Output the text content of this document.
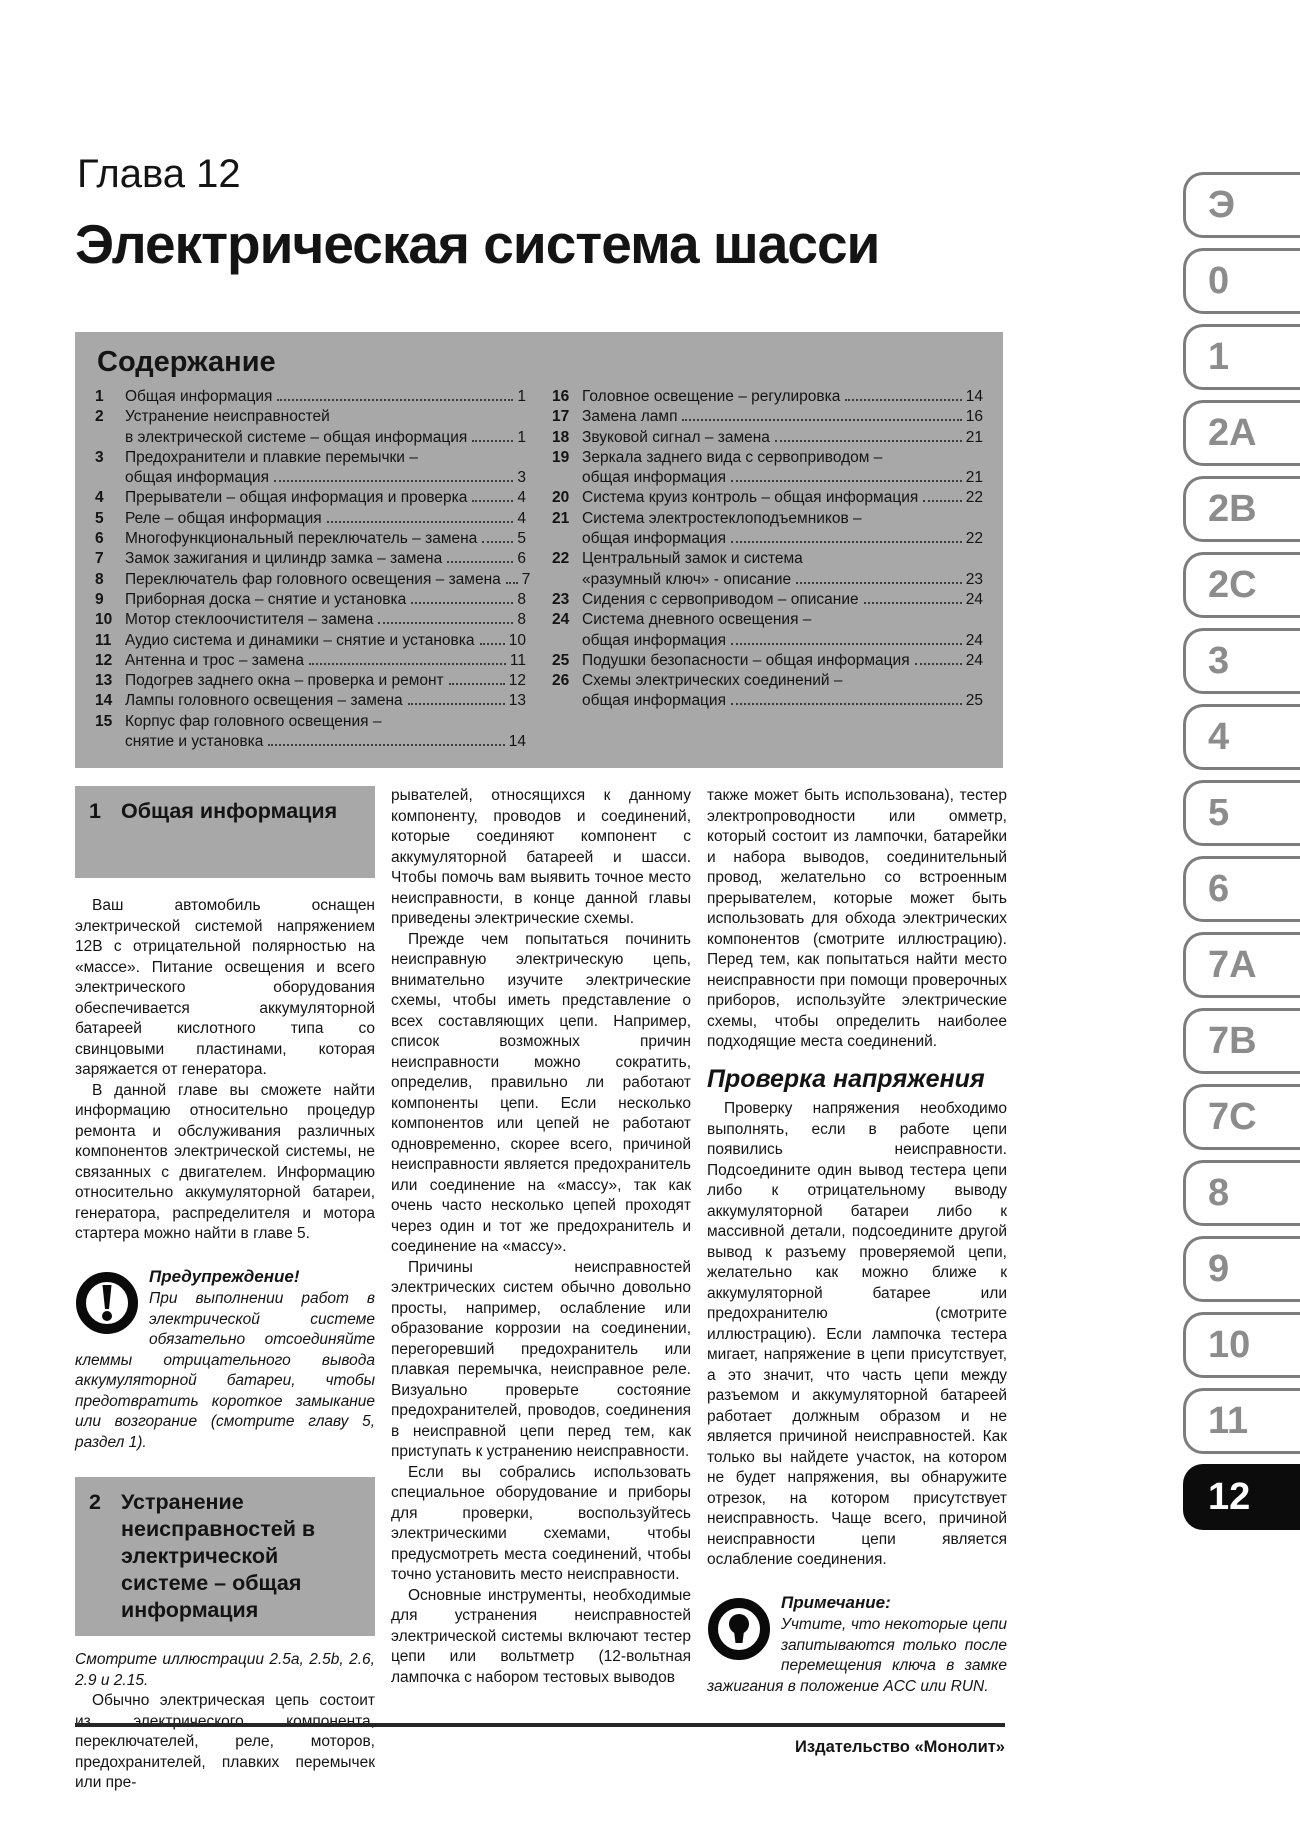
Глава 12
Электрическая система шасси
Содержание
1	Общая информация	1
2	Устранение неисправностей
в электрической системе – общая информация	1
3	Предохранители и плавкие перемычки –
общая информация	3
4	Прерыватели – общая информация и проверка	4
5	Реле – общая информация	4
6	Многофункциональный переключатель – замена	5
7	Замок зажигания и цилиндр замка – замена	6
8	Переключатель фар головного освещения – замена 7
9	Приборная доска – снятие и установка	8
10 Мотор стеклоочистителя – замена	8
11 Аудио система и динамики – снятие и установка 10
12 Антенна и трос – замена	11
13 Подогрев заднего окна – проверка и ремонт	12
14 Лампы головного освещения – замена	13
15 Корпус фар головного освещения –
снятие и установка	14
16 Головное освещение – регулировка	14
17 Замена ламп	16
18 Звуковой сигнал – замена	21
19 Зеркала заднего вида с сервоприводом –
общая информация	21
20 Система круиз контроль – общая информация	22
21 Система электростеклоподъемников –
общая информация	22
22 Центральный замок и система
«разумный ключ» - описание	23
23 Сидения с сервоприводом – описание	24
24 Система дневного освещения –
общая информация	24
25 Подушки безопасности – общая информация	24
26 Схемы электрических соединений –
общая информация	25
1 Общая информация

Ваш автомобиль оснащен электрической системой напряжением 12В с отрицательной полярностью на «массе». Питание освещения и всего электрического оборудования обеспечивается аккумуляторной батареей кислотного типа со свинцовыми пластинами, которая заряжается от генератора.

В данной главе вы сможете найти информацию относительно процедур ремонта и обслуживания различных компонентов электрической системы, не связанных с двигателем. Информацию относительно аккумуляторной батареи, генератора, распределителя и мотора стартера можно найти в главе 5.

Предупреждение!

При выполнении работ в электрической системе обязательно отсоединяйте клеммы отрицательного вывода аккумуляторной батареи, чтобы предотвратить короткое замыкание или возгорание (смотрите главу 5, раздел 1).

2 Устранение неисправностей в электрической системе – общая информация

Смотрите иллюстрации 2.5a, 2.5b, 2.6, 2.9 и 2.15.

Обычно электрическая цепь состоит из электрического компонента, переключателей, реле, моторов, предохранителей, плавких перемычек или пре-

рывателей, относящихся к данному компоненту, проводов и соединений, которые соединяют компонент с аккумуляторной батареей и шасси. Чтобы помочь вам выявить точное место неисправности, в конце данной главы приведены электрические схемы.

Прежде чем попытаться починить неисправную электрическую цепь, внимательно изучите электрические схемы, чтобы иметь представление о всех составляющих цепи. Например, список возможных причин неисправности можно сократить, определив, правильно ли работают компоненты цепи. Если несколько компонентов или цепей не работают одновременно, скорее всего, причиной неисправности является предохранитель или соединение на «массу», так как очень часто несколько цепей проходят через один и тот же предохранитель и соединение на «массу».

Причины неисправностей электрических систем обычно довольно просты, например, ослабление или образование коррозии на соединении, перегоревший предохранитель или плавкая перемычка, неисправное реле. Визуально проверьте состояние предохранителей, проводов, соединения в неисправной цепи перед тем, как приступать к устранению неисправности.

Если вы собрались использовать специальное оборудование и приборы для проверки, воспользуйтесь электрическими схемами, чтобы предусмотреть места соединений, чтобы точно установить место неисправности.

Основные инструменты, необходимые для устранения неисправностей электрической системы включают тестер цепи или вольтметр (12-вольтная лампочка с набором тестовых выводов

также может быть использована), тестер электропроводности или омметр, который состоит из лампочки, батарейки и набора выводов, соединительный провод, желательно со встроенным прерывателем, которые может быть использовать для обхода электрических компонентов (смотрите иллюстрацию). Перед тем, как попытаться найти место неисправности при помощи проверочных приборов, используйте электрические схемы, чтобы определить наиболее подходящие места соединений.

Проверка напряжения

Проверку напряжения необходимо выполнять, если в работе цепи появились неисправности. Подсоедините один вывод тестера цепи либо к отрицательному выводу аккумуляторной батареи либо к массивной детали, подсоедините другой вывод к разъему проверяемой цепи, желательно как можно ближе к аккумуляторной батарее или предохранителю (смотрите иллюстрацию). Если лампочка тестера мигает, напряжение в цепи присутствует, а это значит, что часть цепи между разъемом и аккумуляторной батареей работает должным образом и не является причиной неисправностей. Как только вы найдете участок, на котором не будет напряжения, вы обнаружите отрезок, на котором присутствует неисправность. Чаще всего, причиной неисправности цепи является ослабление соединения.

Примечание:

Учтите, что некоторые цепи запитываются только после перемещения ключа в замке зажигания в положение ACC или RUN.

Издательство «Монолит»
Э
0
1
2A
2B
2C
3
4
5
6
7A
7B
7C
8
9
10
11
12
